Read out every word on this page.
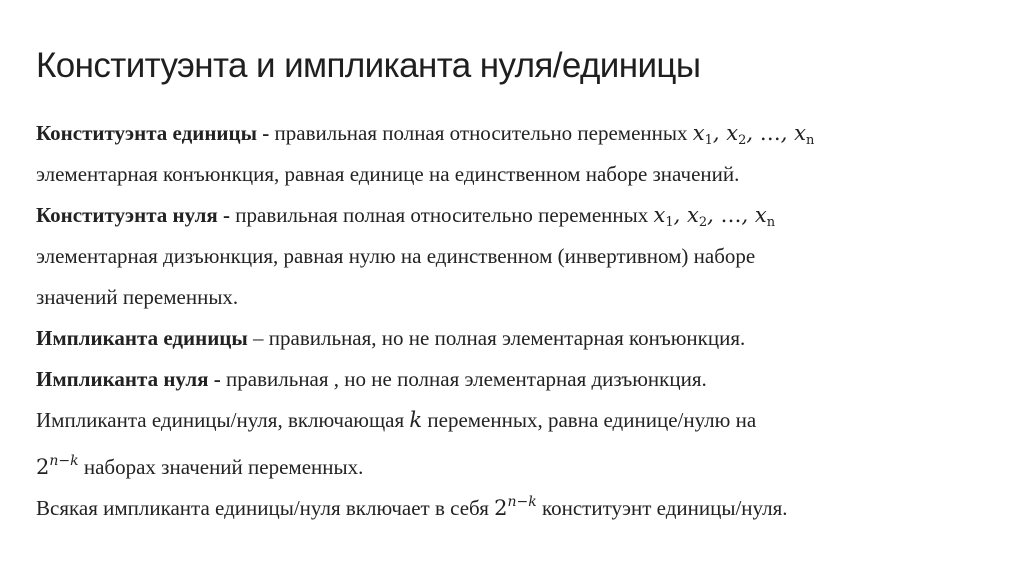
Конституэнта и импликанта нуля/единицы
Конституэнта единицы - правильная полная относительно переменных $x_1$, $x_2$, …, $x_n$
элементарная конъюнкция, равная единице на единственном наборе значений.
Конституэнта нуля - правильная полная относительно переменных $x_1$, $x_2$, …, $x_n$
элементарная дизъюнкция, равная нулю на единственном (инвертивном) наборе
значений переменных.
Импликанта единицы – правильная, но не полная элементарная конъюнкция.
Импликанта нуля - правильная , но не полная элементарная дизъюнкция.
Импликанта единицы/нуля, включающая k переменных, равна единице/нулю на
$2^{n-k}$ наборах значений переменных.
Всякая импликанта единицы/нуля включает в себя $2^{n-k}$ конституэнт единицы/нуля.
